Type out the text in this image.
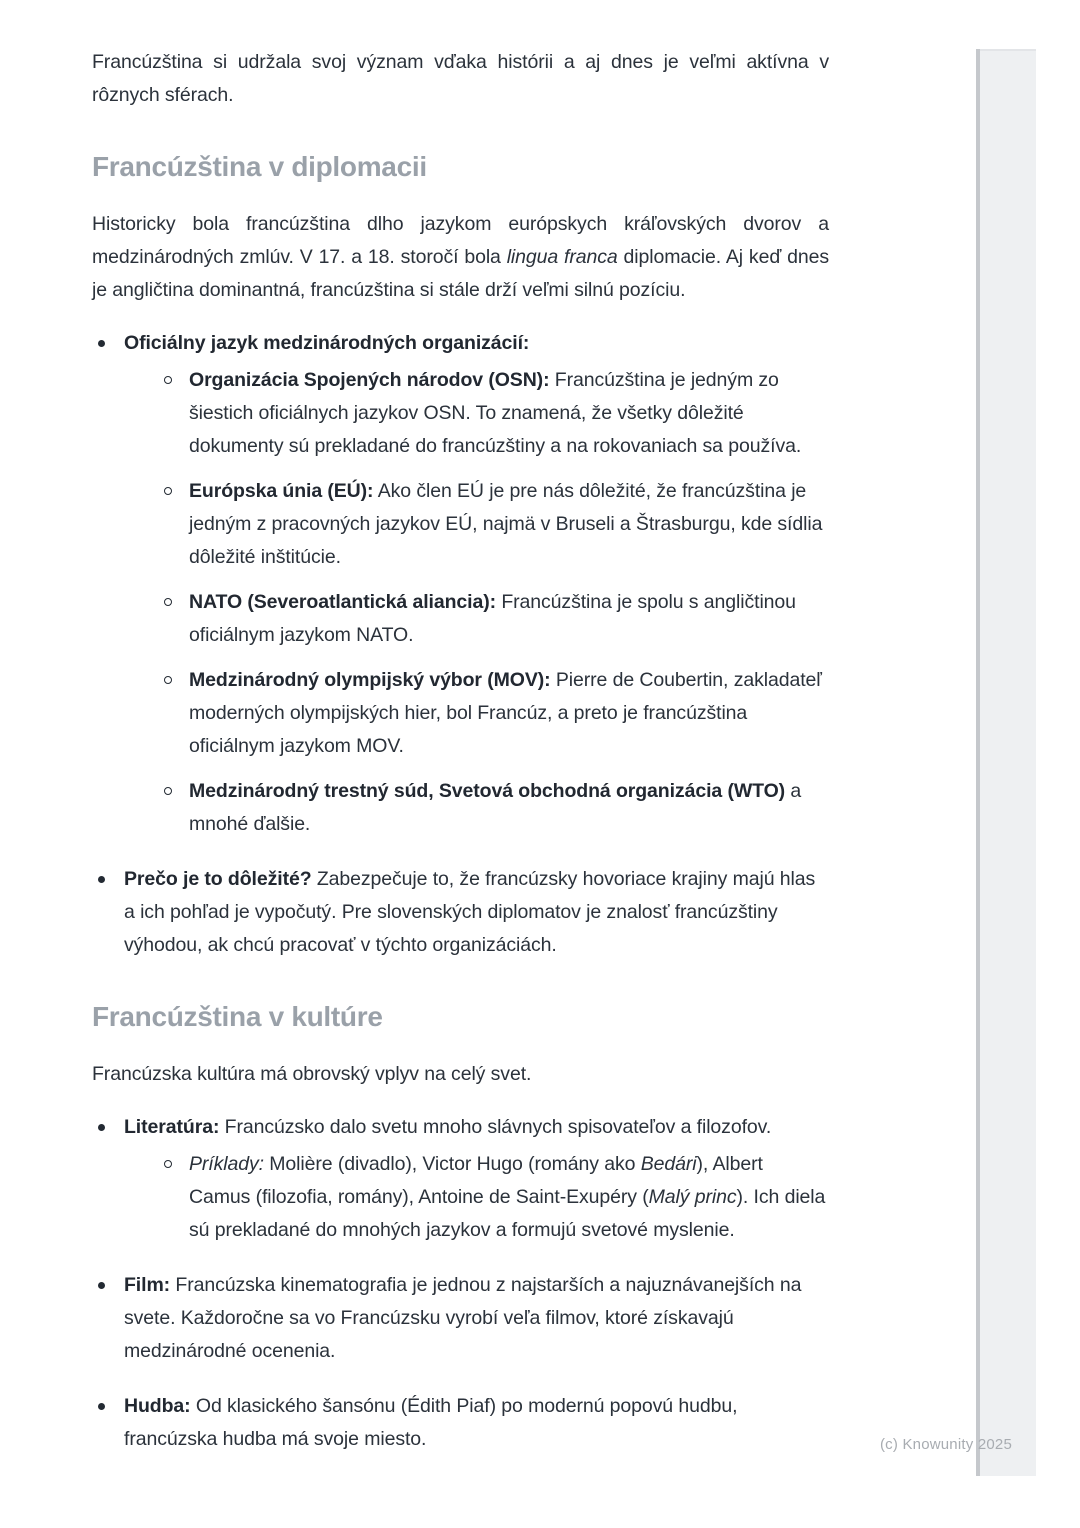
Francúzština si udržala svoj význam vďaka histórii a aj dnes je veľmi aktívna v rôznych sférach.

Francúzština v diplomacii

Historicky bola francúzština dlho jazykom európskych kráľovských dvorov a medzinárodných zmlúv. V 17. a 18. storočí bola lingua franca diplomacie. Aj keď dnes je angličtina dominantná, francúzština si stále drží veľmi silnú pozíciu.

Oficiálny jazyk medzinárodných organizácií:
Organizácia Spojených národov (OSN): Francúzština je jedným zo šiestich oficiálnych jazykov OSN. To znamená, že všetky dôležité dokumenty sú prekladané do francúzštiny a na rokovaniach sa používa.
Európska únia (EÚ): Ako člen EÚ je pre nás dôležité, že francúzština je jedným z pracovných jazykov EÚ, najmä v Bruseli a Štrasburgu, kde sídlia dôležité inštitúcie.
NATO (Severoatlantická aliancia): Francúzština je spolu s angličtinou oficiálnym jazykom NATO.
Medzinárodný olympijský výbor (MOV): Pierre de Coubertin, zakladateľ moderných olympijských hier, bol Francúz, a preto je francúzština oficiálnym jazykom MOV.
Medzinárodný trestný súd, Svetová obchodná organizácia (WTO) a mnohé ďalšie.
Prečo je to dôležité? Zabezpečuje to, že francúzsky hovoriace krajiny majú hlas a ich pohľad je vypočutý. Pre slovenských diplomatov je znalosť francúzštiny výhodou, ak chcú pracovať v týchto organizáciách.
Francúzština v kultúre

Francúzska kultúra má obrovský vplyv na celý svet.

Literatúra: Francúzsko dalo svetu mnoho slávnych spisovateľov a filozofov.
Príklady: Molière (divadlo), Victor Hugo (romány ako Bedári), Albert Camus (filozofia, romány), Antoine de Saint-Exupéry (Malý princ). Ich diela sú prekladané do mnohých jazykov a formujú svetové myslenie.
Film: Francúzska kinematografia je jednou z najstarších a najuznávanejších na svete. Každoročne sa vo Francúzsku vyrobí veľa filmov, ktoré získavajú medzinárodné ocenenia.
Hudba: Od klasického šansónu (Édith Piaf) po modernú popovú hudbu, francúzska hudba má svoje miesto.	(c) Knowunity 2025
